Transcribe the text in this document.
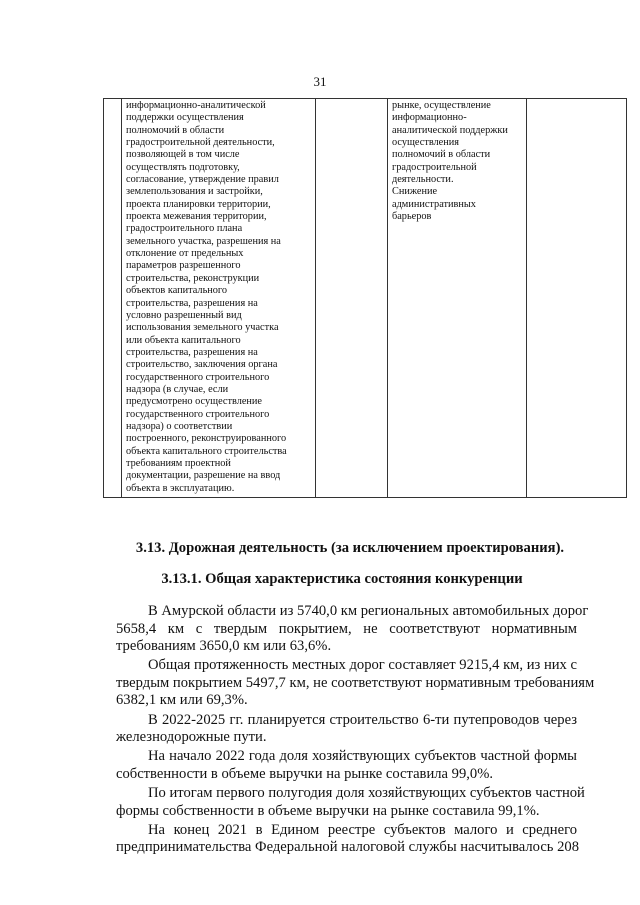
31

информационно-аналитической
поддержки осуществления
полномочий в области
градостроительной деятельности,
позволяющей в том числе
осуществлять подготовку,
согласование, утверждение правил
землепользования и застройки,
проекта планировки территории,
проекта межевания территории,
градостроительного плана
земельного участка, разрешения на
отклонение от предельных
параметров разрешенного
строительства, реконструкции
объектов капитального
строительства, разрешения на
условно разрешенный вид
использования земельного участка
или объекта капитального
строительства, разрешения на
строительство, заключения органа
государственного строительного
надзора (в случае, если
предусмотрено осуществление
государственного строительного
надзора) о соответствии
построенного, реконструированного
объекта капитального строительства
требованиям проектной
документации, разрешение на ввод
объекта в эксплуатацию.

рынке, осуществление
информационно-
аналитической поддержки
осуществления
полномочий в области
градостроительной
деятельности.
Снижение
административных
барьеров

3.13. Дорожная деятельность (за исключением проектирования).
3.13.1. Общая характеристика состояния конкуренции

В Амурской области из 5740,0 км региональных автомобильных дорог
5658,4 км с твердым покрытием, не соответствуют нормативным
требованиям 3650,0 км или 63,6%.

Общая протяженность местных дорог составляет 9215,4 км, из них с
твердым покрытием 5497,7 км, не соответствуют нормативным требованиям
6382,1 км или 69,3%.

В 2022-2025 гг. планируется строительство 6-ти путепроводов через
железнодорожные пути.

На начало 2022 года доля хозяйствующих субъектов частной формы
собственности в объеме выручки на рынке составила 99,0%.

По итогам первого полугодия доля хозяйствующих субъектов частной
формы собственности в объеме выручки на рынке составила 99,1%.

На конец 2021 в Едином реестре субъектов малого и среднего
предпринимательства Федеральной налоговой службы насчитывалось 208
